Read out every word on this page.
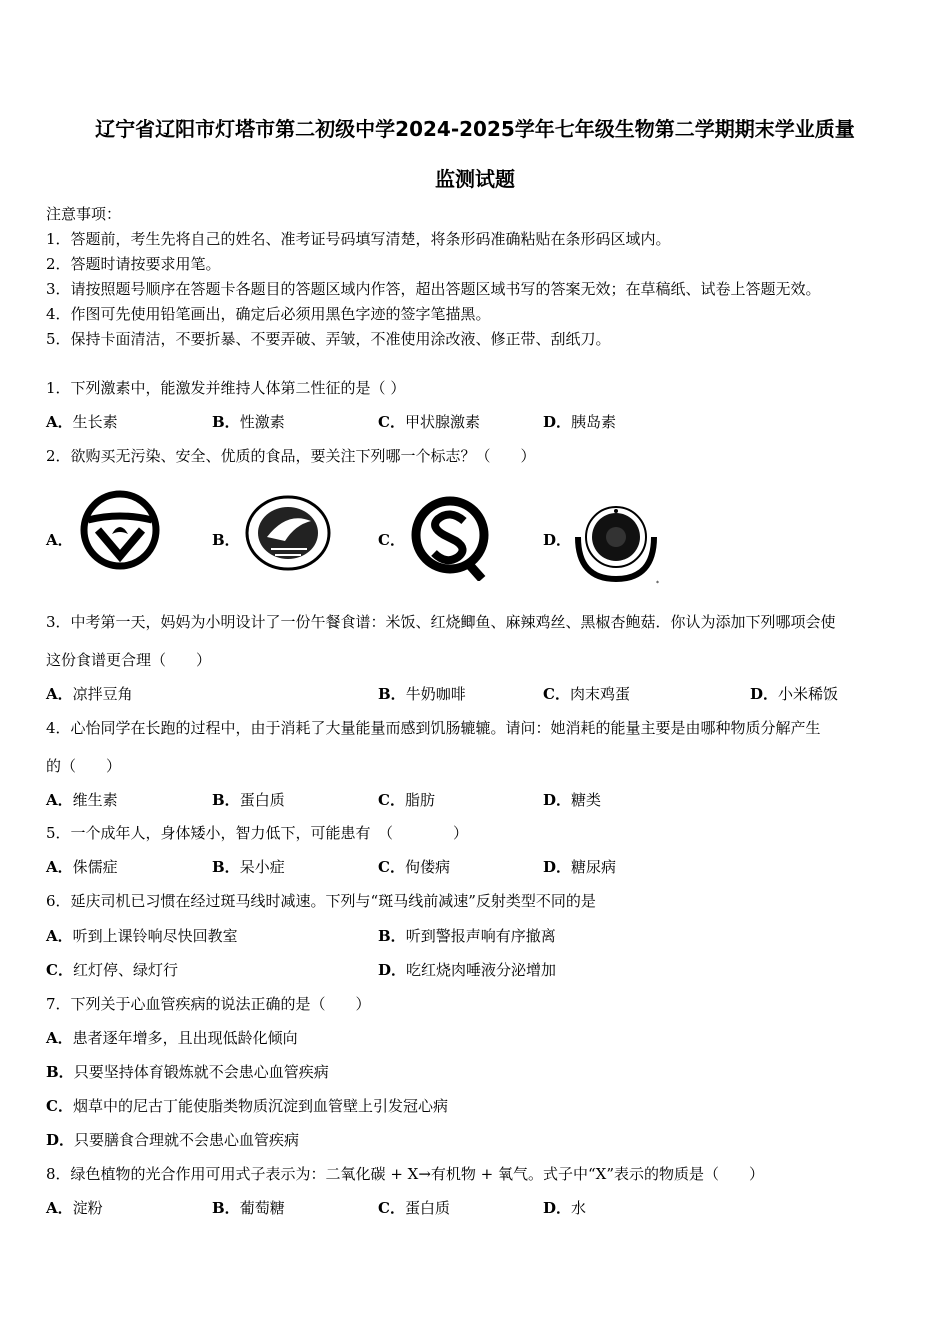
辽宁省辽阳市灯塔市第二初级中学2024-2025学年七年级生物第二学期期末学业质量
监测试题
注意事项：
1．答题前，考生先将自己的姓名、准考证号码填写清楚，将条形码准确粘贴在条形码区域内。
2．答题时请按要求用笔。
3．请按照题号顺序在答题卡各题目的答题区域内作答，超出答题区域书写的答案无效；在草稿纸、试卷上答题无效。
4．作图可先使用铅笔画出，确定后必须用黑色字迹的签字笔描黑。
5．保持卡面清洁，不要折暴、不要弄破、弄皱，不准使用涂改液、修正带、刮纸刀。
1．下列激素中，能激发并维持人体第二性征的是（ ）
A．生长素	B．性激素	C．甲状腺激素	D．胰岛素
2．欲购买无污染、安全、优质的食品，要关注下列哪一个标志？（　　）
A．	B．	C．	D．
*
3．中考第一天，妈妈为小明设计了一份午餐食谱：米饭、红烧鲫鱼、麻辣鸡丝、黑椒杏鲍菇．你认为添加下列哪项会使
这份食谱更合理（　　）
A．凉拌豆角	B．牛奶咖啡	C．肉末鸡蛋	D．小米稀饭
4．心怡同学在长跑的过程中，由于消耗了大量能量而感到饥肠辘辘。请问：她消耗的能量主要是由哪种物质分解产生
的（　　）
A．维生素	B．蛋白质	C．脂肪	D．糖类
5．一个成年人，身体矮小，智力低下，可能患有　（　　　　）
A．侏儒症	B．呆小症	C．佝偻病	D．糖尿病
6．延庆司机已习惯在经过斑马线时减速。下列与“斑马线前减速”反射类型不同的是
A．听到上课铃响尽快回教室	B．听到警报声响有序撤离
C．红灯停、绿灯行	D．吃红烧肉唾液分泌增加
7．下列关于心血管疾病的说法正确的是（　　）
A．患者逐年增多，且出现低龄化倾向
B．只要坚持体育锻炼就不会患心血管疾病
C．烟草中的尼古丁能使脂类物质沉淀到血管壁上引发冠心病
D．只要膳食合理就不会患心血管疾病
8．绿色植物的光合作用可用式子表示为：二氧化碳 + X→有机物 + 氧气。式子中“X”表示的物质是（　　）
A．淀粉	B．葡萄糖	C．蛋白质	D．水
